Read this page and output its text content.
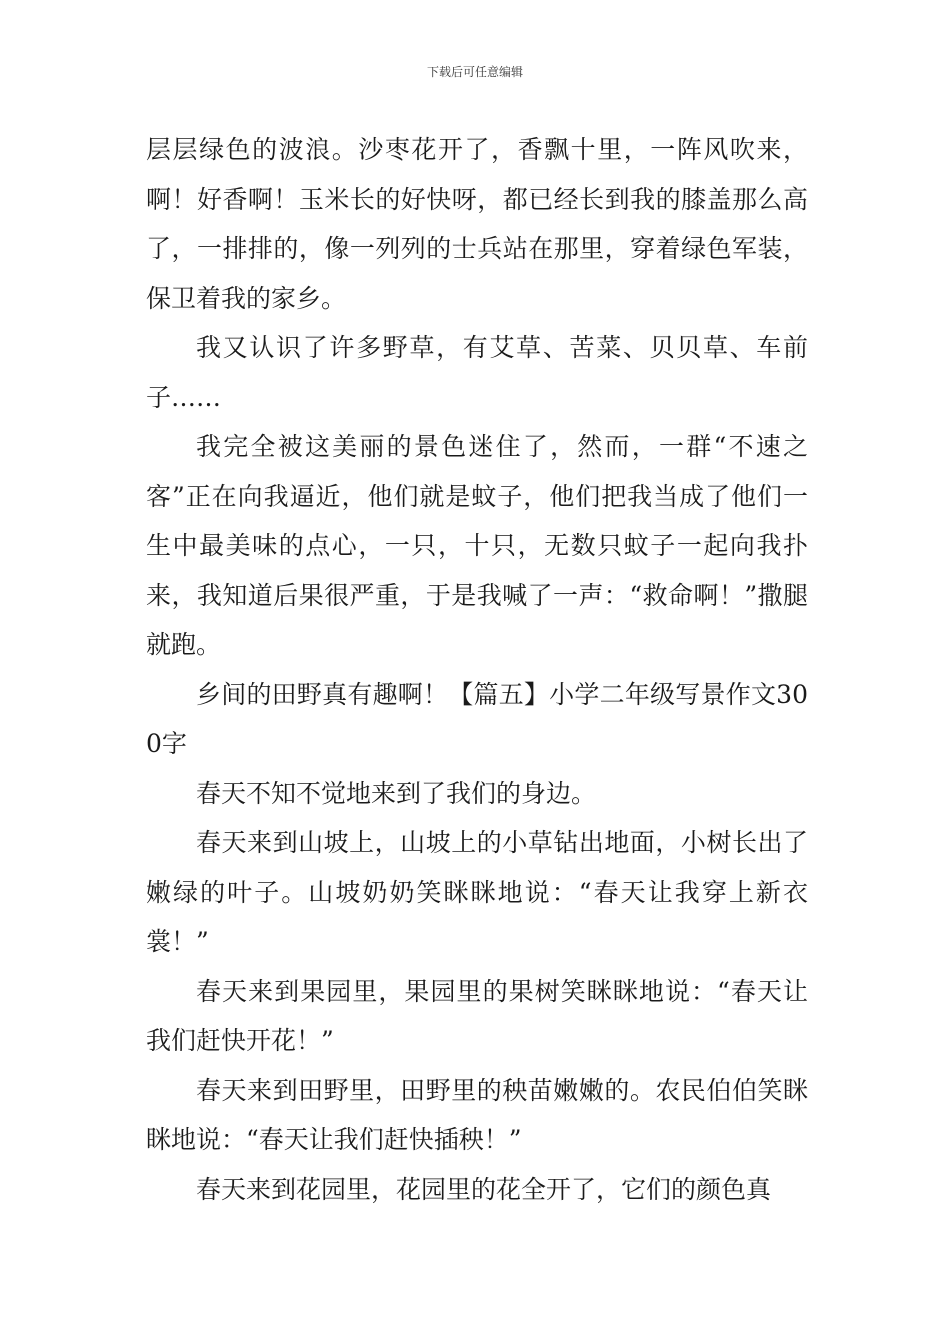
下载后可任意编辑

层层绿色的波浪。沙枣花开了，香飘十里，一阵风吹来，啊！好香啊！玉米长的好快呀，都已经长到我的膝盖那么高了，一排排的，像一列列的士兵站在那里，穿着绿色军装，保卫着我的家乡。

我又认识了许多野草，有艾草、苦菜、贝贝草、车前子……

我完全被这美丽的景色迷住了，然而，一群“不速之客”正在向我逼近，他们就是蚊子，他们把我当成了他们一生中最美味的点心，一只，十只，无数只蚊子一起向我扑来，我知道后果很严重，于是我喊了一声：“救命啊！”撒腿就跑。

乡间的田野真有趣啊！【篇五】小学二年级写景作文300字

春天不知不觉地来到了我们的身边。

春天来到山坡上，山坡上的小草钻出地面，小树长出了嫩绿的叶子。山坡奶奶笑眯眯地说：“春天让我穿上新衣裳！”

春天来到果园里，果园里的果树笑眯眯地说：“春天让我们赶快开花！”

春天来到田野里，田野里的秧苗嫩嫩的。农民伯伯笑眯眯地说：“春天让我们赶快插秧！”

春天来到花园里，花园里的花全开了，它们的颜色真
